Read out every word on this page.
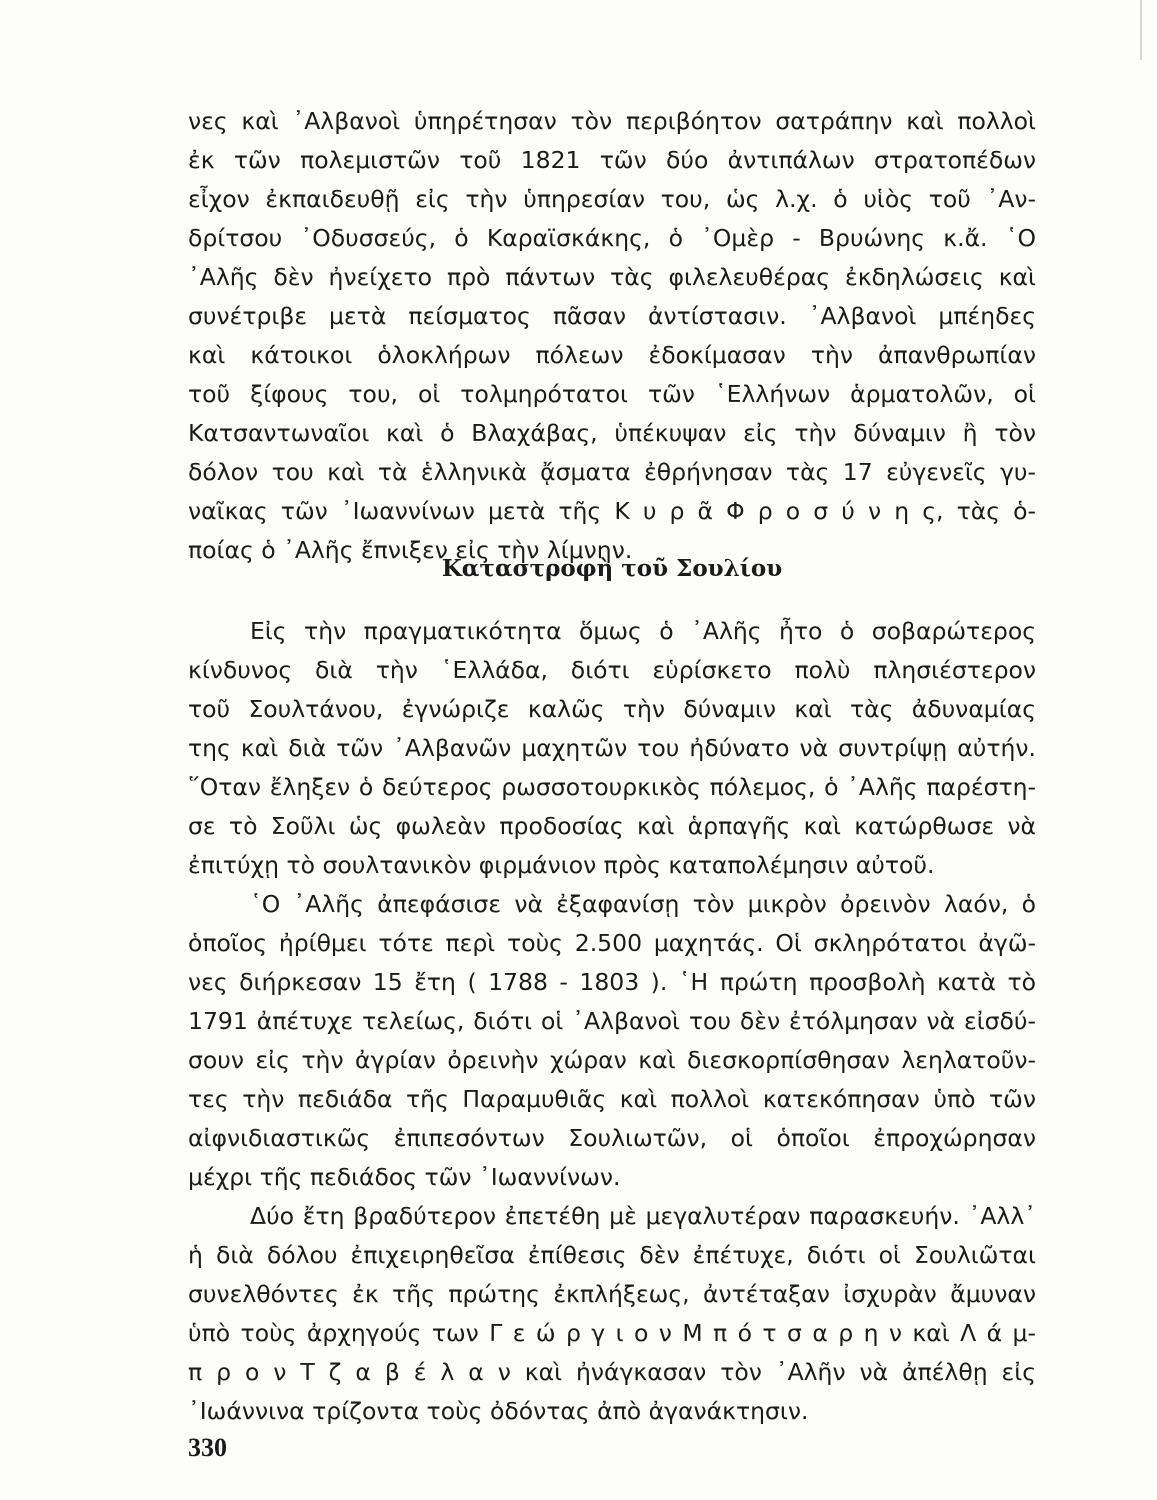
νες καὶ ᾿Αλβανοὶ ὑπηρέτησαν τὸν περιβόητον σατράπην καὶ πολλοὶ
ἐκ τῶν πολεμιστῶν τοῦ 1821 τῶν δύο ἀντιπάλων στρατοπέδων
εἶχον ἐκπαιδευθῇ εἰς τὴν ὑπηρεσίαν του, ὡς λ.χ. ὁ υἱὸς τοῦ ᾿Αν-
δρίτσου ᾿Οδυσσεύς, ὁ Καραϊσκάκης, ὁ ᾿Ομὲρ - Βρυώνης κ.ἄ. ῾Ο
᾿Αλῆς δὲν ἠνείχετο πρὸ πάντων τὰς φιλελευθέρας ἐκδηλώσεις καὶ
συνέτριβε μετὰ πείσματος πᾶσαν ἀντίστασιν. ᾿Αλβανοὶ μπέηδες
καὶ κάτοικοι ὁλοκλήρων πόλεων ἐδοκίμασαν τὴν ἀπανθρωπίαν
τοῦ ξίφους του, οἱ τολμηρότατοι τῶν ῾Ελλήνων ἁρματολῶν, οἱ
Κατσαντωναῖοι καὶ ὁ Βλαχάβας, ὑπέκυψαν εἰς τὴν δύναμιν ἢ τὸν
δόλον του καὶ τὰ ἑλληνικὰ ᾄσματα ἐθρήνησαν τὰς 17 εὐγενεῖς γυ-
ναῖκας τῶν ᾿Ιωαννίνων μετὰ τῆς Κ υ ρ ᾶ Φ ρ ο σ ύ ν η ς, τὰς ὁ-
ποίας ὁ ᾿Αλῆς ἔπνιξεν εἰς τὴν λίμνην.
Καταστροφὴ τοῦ Σουλίου
Εἰς τὴν πραγματικότητα ὅμως ὁ ᾿Αλῆς ἦτο ὁ σοβαρώτερος
κίνδυνος διὰ τὴν ῾Ελλάδα, διότι εὑρίσκετο πολὺ πλησιέστερον
τοῦ Σουλτάνου, ἐγνώριζε καλῶς τὴν δύναμιν καὶ τὰς ἀδυναμίας
της καὶ διὰ τῶν ᾿Αλβανῶν μαχητῶν του ἠδύνατο νὰ συντρίψῃ αὐτήν.
῞Οταν ἔληξεν ὁ δεύτερος ρωσσοτουρκικὸς πόλεμος, ὁ ᾿Αλῆς παρέστη-
σε τὸ Σοῦλι ὡς φωλεὰν προδοσίας καὶ ἁρπαγῆς καὶ κατώρθωσε νὰ
ἐπιτύχῃ τὸ σουλτανικὸν φιρμάνιον πρὸς καταπολέμησιν αὐτοῦ.
῾Ο ᾿Αλῆς ἀπεφάσισε νὰ ἐξαφανίσῃ τὸν μικρὸν ὀρεινὸν λαόν, ὁ
ὁποῖος ἠρίθμει τότε περὶ τοὺς 2.500 μαχητάς. Οἱ σκληρότατοι ἀγῶ-
νες διήρκεσαν 15 ἔτη ( 1788 - 1803 ). ῾Η πρώτη προσβολὴ κατὰ τὸ
1791 ἀπέτυχε τελείως, διότι οἱ ᾿Αλβανοὶ του δὲν ἐτόλμησαν νὰ εἰσδύ-
σουν εἰς τὴν ἀγρίαν ὀρεινὴν χώραν καὶ διεσκορπίσθησαν λεηλατοῦν-
τες τὴν πεδιάδα τῆς Παραμυθιᾶς καὶ πολλοὶ κατεκόπησαν ὑπὸ τῶν
αἰφνιδιαστικῶς ἐπιπεσόντων Σουλιωτῶν, οἱ ὁποῖοι ἐπροχώρησαν
μέχρι τῆς πεδιάδος τῶν ᾿Ιωαννίνων.
Δύο ἔτη βραδύτερον ἐπετέθη μὲ μεγαλυτέραν παρασκευήν. ᾿Αλλ᾿
ἡ διὰ δόλου ἐπιχειρηθεῖσα ἐπίθεσις δὲν ἐπέτυχε, διότι οἱ Σουλιῶται
συνελθόντες ἐκ τῆς πρώτης ἐκπλήξεως, ἀντέταξαν ἰσχυρὰν ἄμυναν
ὑπὸ τοὺς ἀρχηγούς των Γ ε ώ ρ γ ι ο ν Μ π ό τ σ α ρ η ν καὶ Λ ά μ-
π ρ ο ν Τ ζ α β έ λ α ν καὶ ἠνάγκασαν τὸν ᾿Αλῆν νὰ ἀπέλθῃ εἰς
᾿Ιωάννινα τρίζοντα τοὺς ὀδόντας ἀπὸ ἀγανάκτησιν.
330
